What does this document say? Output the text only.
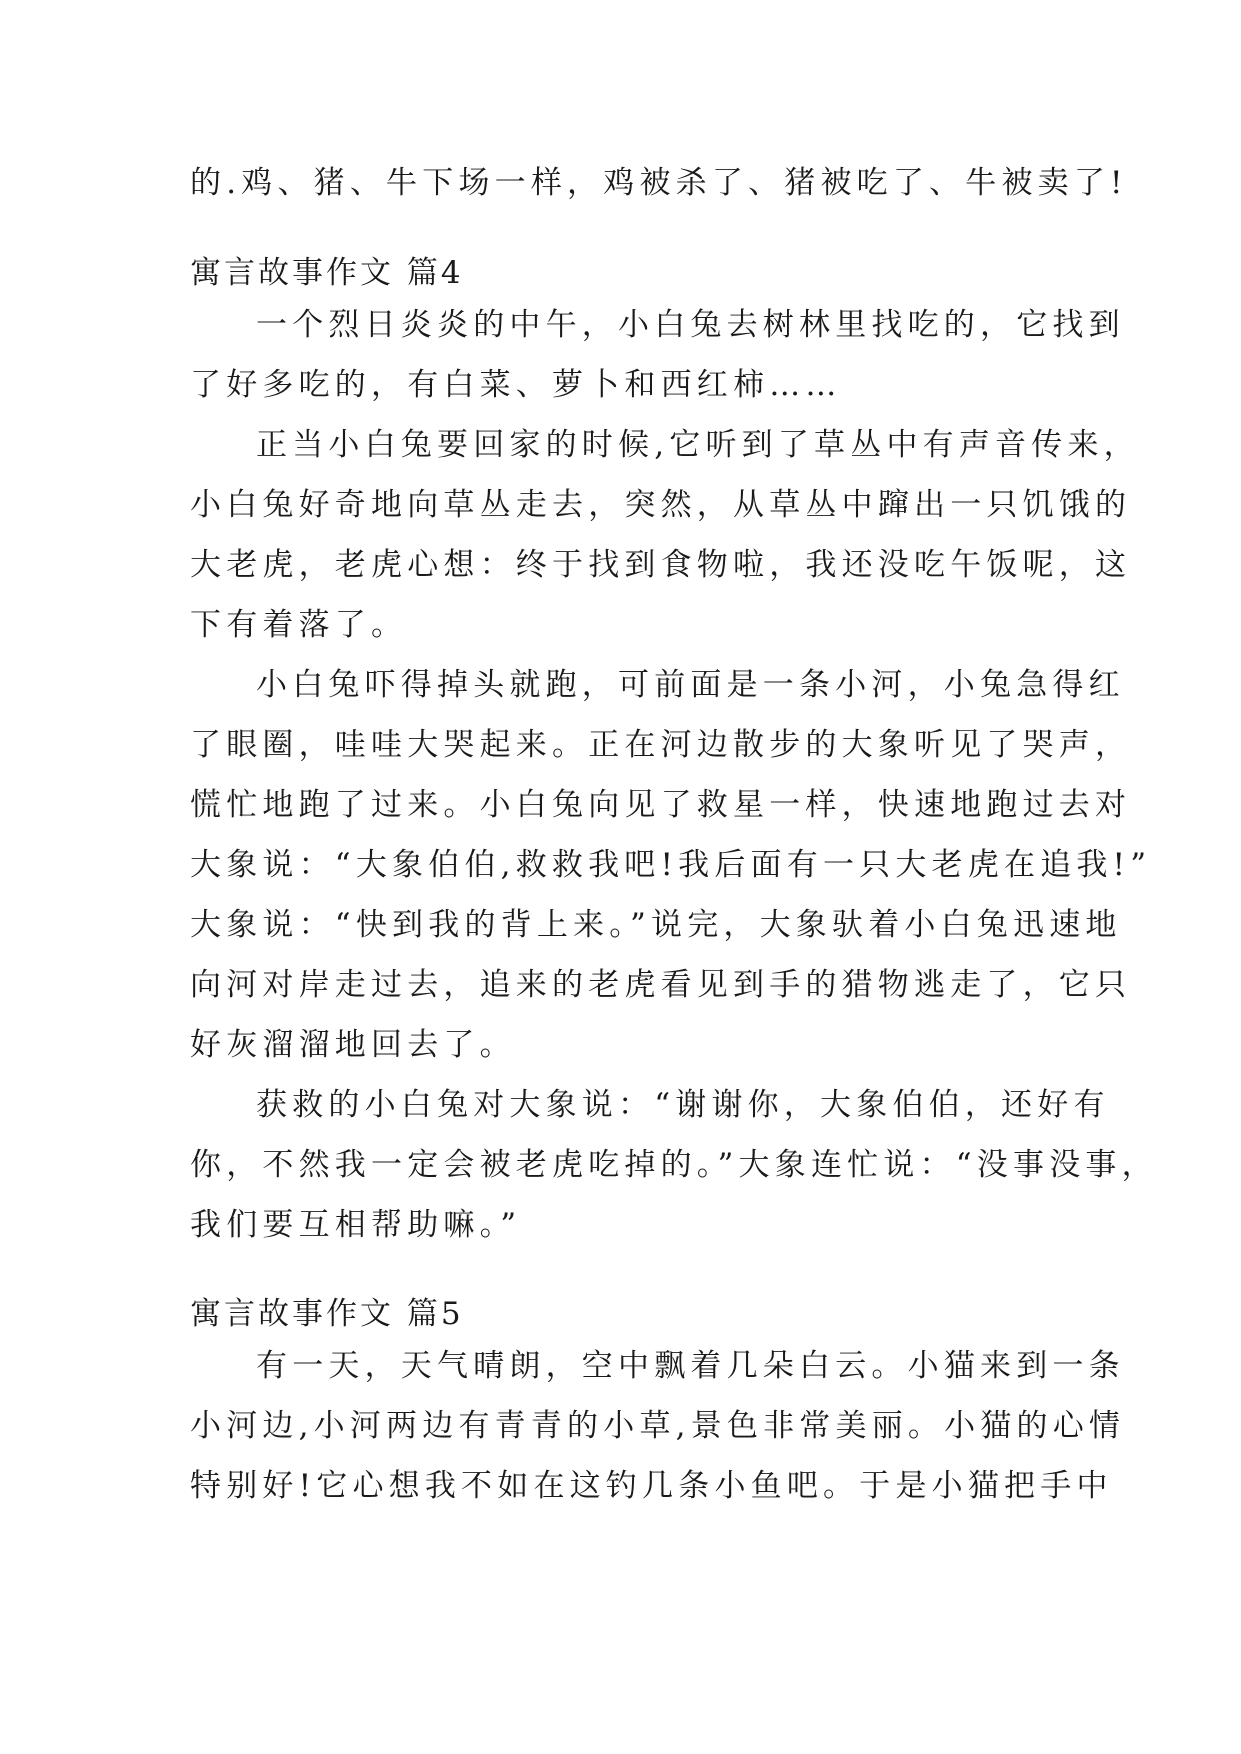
的.鸡、猪、牛下场一样，鸡被杀了、猪被吃了、牛被卖了!
寓言故事作文 篇4
一个烈日炎炎的中午，小白兔去树林里找吃的，它找到
了好多吃的，有白菜、萝卜和西红柿……
正当小白兔要回家的时候,它听到了草丛中有声音传来，
小白兔好奇地向草丛走去，突然，从草丛中蹿出一只饥饿的
大老虎，老虎心想：终于找到食物啦，我还没吃午饭呢，这
下有着落了。
小白兔吓得掉头就跑，可前面是一条小河，小兔急得红
了眼圈，哇哇大哭起来。正在河边散步的大象听见了哭声，
慌忙地跑了过来。小白兔向见了救星一样，快速地跑过去对
大象说：“大象伯伯,救救我吧!我后面有一只大老虎在追我!”
大象说：“快到我的背上来。”说完，大象驮着小白兔迅速地
向河对岸走过去，追来的老虎看见到手的猎物逃走了，它只
好灰溜溜地回去了。
获救的小白兔对大象说：“谢谢你，大象伯伯，还好有
你，不然我一定会被老虎吃掉的。”大象连忙说：“没事没事，
我们要互相帮助嘛。”
寓言故事作文 篇5
有一天，天气晴朗，空中飘着几朵白云。小猫来到一条
小河边,小河两边有青青的小草,景色非常美丽。小猫的心情
特别好!它心想我不如在这钓几条小鱼吧。于是小猫把手中
